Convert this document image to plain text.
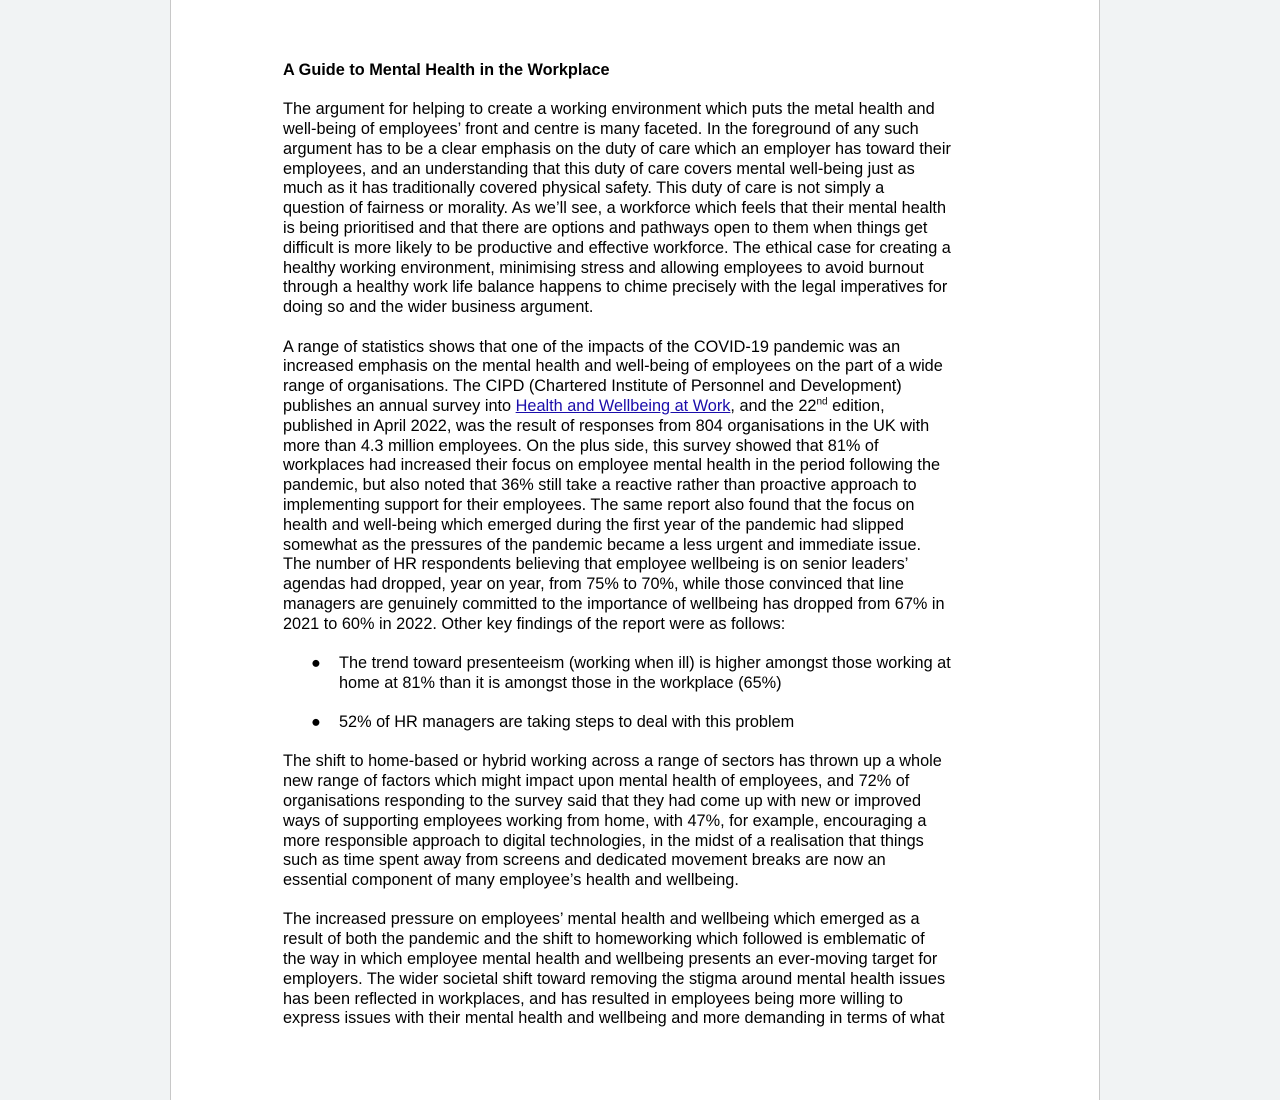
A Guide to Mental Health in the Workplace

The argument for helping to create a working environment which puts the metal health and
well-being of employees’ front and centre is many faceted. In the foreground of any such
argument has to be a clear emphasis on the duty of care which an employer has toward their
employees, and an understanding that this duty of care covers mental well-being just as
much as it has traditionally covered physical safety. This duty of care is not simply a
question of fairness or morality. As we’ll see, a workforce which feels that their mental health
is being prioritised and that there are options and pathways open to them when things get
difficult is more likely to be productive and effective workforce. The ethical case for creating a
healthy working environment, minimising stress and allowing employees to avoid burnout
through a healthy work life balance happens to chime precisely with the legal imperatives for
doing so and the wider business argument.

A range of statistics shows that one of the impacts of the COVID-19 pandemic was an
increased emphasis on the mental health and well-being of employees on the part of a wide
range of organisations. The CIPD (Chartered Institute of Personnel and Development)
publishes an annual survey into Health and Wellbeing at Work, and the 22nd edition,
published in April 2022, was the result of responses from 804 organisations in the UK with
more than 4.3 million employees. On the plus side, this survey showed that 81% of
workplaces had increased their focus on employee mental health in the period following the
pandemic, but also noted that 36% still take a reactive rather than proactive approach to
implementing support for their employees. The same report also found that the focus on
health and well-being which emerged during the first year of the pandemic had slipped
somewhat as the pressures of the pandemic became a less urgent and immediate issue.
The number of HR respondents believing that employee wellbeing is on senior leaders’
agendas had dropped, year on year, from 75% to 70%, while those convinced that line
managers are genuinely committed to the importance of wellbeing has dropped from 67% in
2021 to 60% in 2022. Other key findings of the report were as follows:

● The trend toward presenteeism (working when ill) is higher amongst those working at
home at 81% than it is amongst those in the workplace (65%)
● 52% of HR managers are taking steps to deal with this problem

The shift to home-based or hybrid working across a range of sectors has thrown up a whole
new range of factors which might impact upon mental health of employees, and 72% of
organisations responding to the survey said that they had come up with new or improved
ways of supporting employees working from home, with 47%, for example, encouraging a
more responsible approach to digital technologies, in the midst of a realisation that things
such as time spent away from screens and dedicated movement breaks are now an
essential component of many employee’s health and wellbeing.

The increased pressure on employees’ mental health and wellbeing which emerged as a
result of both the pandemic and the shift to homeworking which followed is emblematic of
the way in which employee mental health and wellbeing presents an ever-moving target for
employers. The wider societal shift toward removing the stigma around mental health issues
has been reflected in workplaces, and has resulted in employees being more willing to
express issues with their mental health and wellbeing and more demanding in terms of what
